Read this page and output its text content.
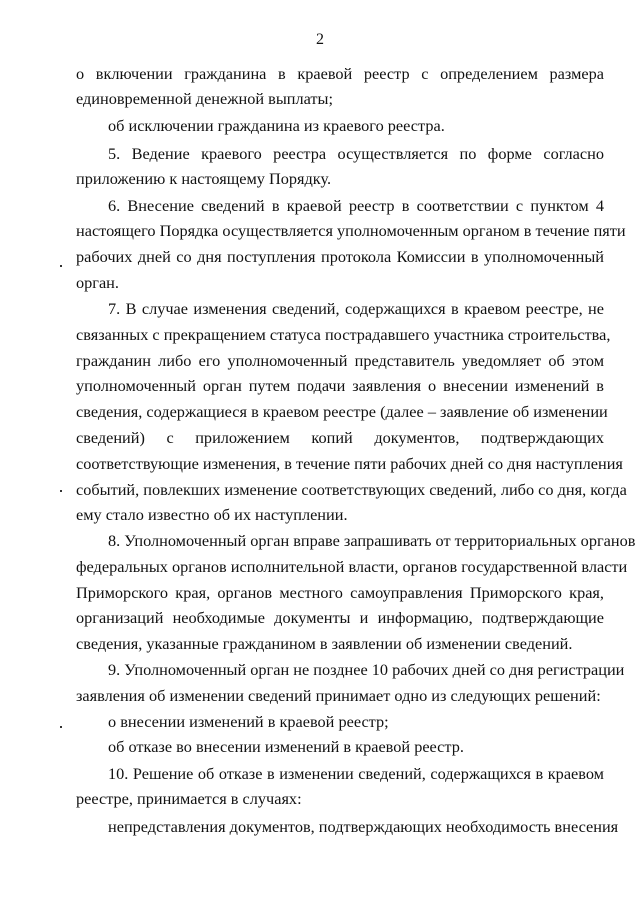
2
о включении гражданина в краевой реестр с определением размера
единовременной денежной выплаты;
об исключении гражданина из краевого реестра.
5. Ведение краевого реестра осуществляется по форме согласно
приложению к настоящему Порядку.
6. Внесение сведений в краевой реестр в соответствии с пунктом 4
настоящего Порядка осуществляется уполномоченным органом в течение пяти
рабочих дней со дня поступления протокола Комиссии в уполномоченный
орган.
7. В случае изменения сведений, содержащихся в краевом реестре, не
связанных с прекращением статуса пострадавшего участника строительства,
гражданин либо его уполномоченный представитель уведомляет об этом
уполномоченный орган путем подачи заявления о внесении изменений в
сведения, содержащиеся в краевом реестре (далее – заявление об изменении
сведений) с приложением копий документов, подтверждающих
соответствующие изменения, в течение пяти рабочих дней со дня наступления
событий, повлекших изменение соответствующих сведений, либо со дня, когда
ему стало известно об их наступлении.
8. Уполномоченный орган вправе запрашивать от территориальных органов
федеральных органов исполнительной власти, органов государственной власти
Приморского края, органов местного самоуправления Приморского края,
организаций необходимые документы и информацию, подтверждающие
сведения, указанные гражданином в заявлении об изменении сведений.
9. Уполномоченный орган не позднее 10 рабочих дней со дня регистрации
заявления об изменении сведений принимает одно из следующих решений:
о внесении изменений в краевой реестр;
об отказе во внесении изменений в краевой реестр.
10. Решение об отказе в изменении сведений, содержащихся в краевом
реестре, принимается в случаях:
непредставления документов, подтверждающих необходимость внесения
